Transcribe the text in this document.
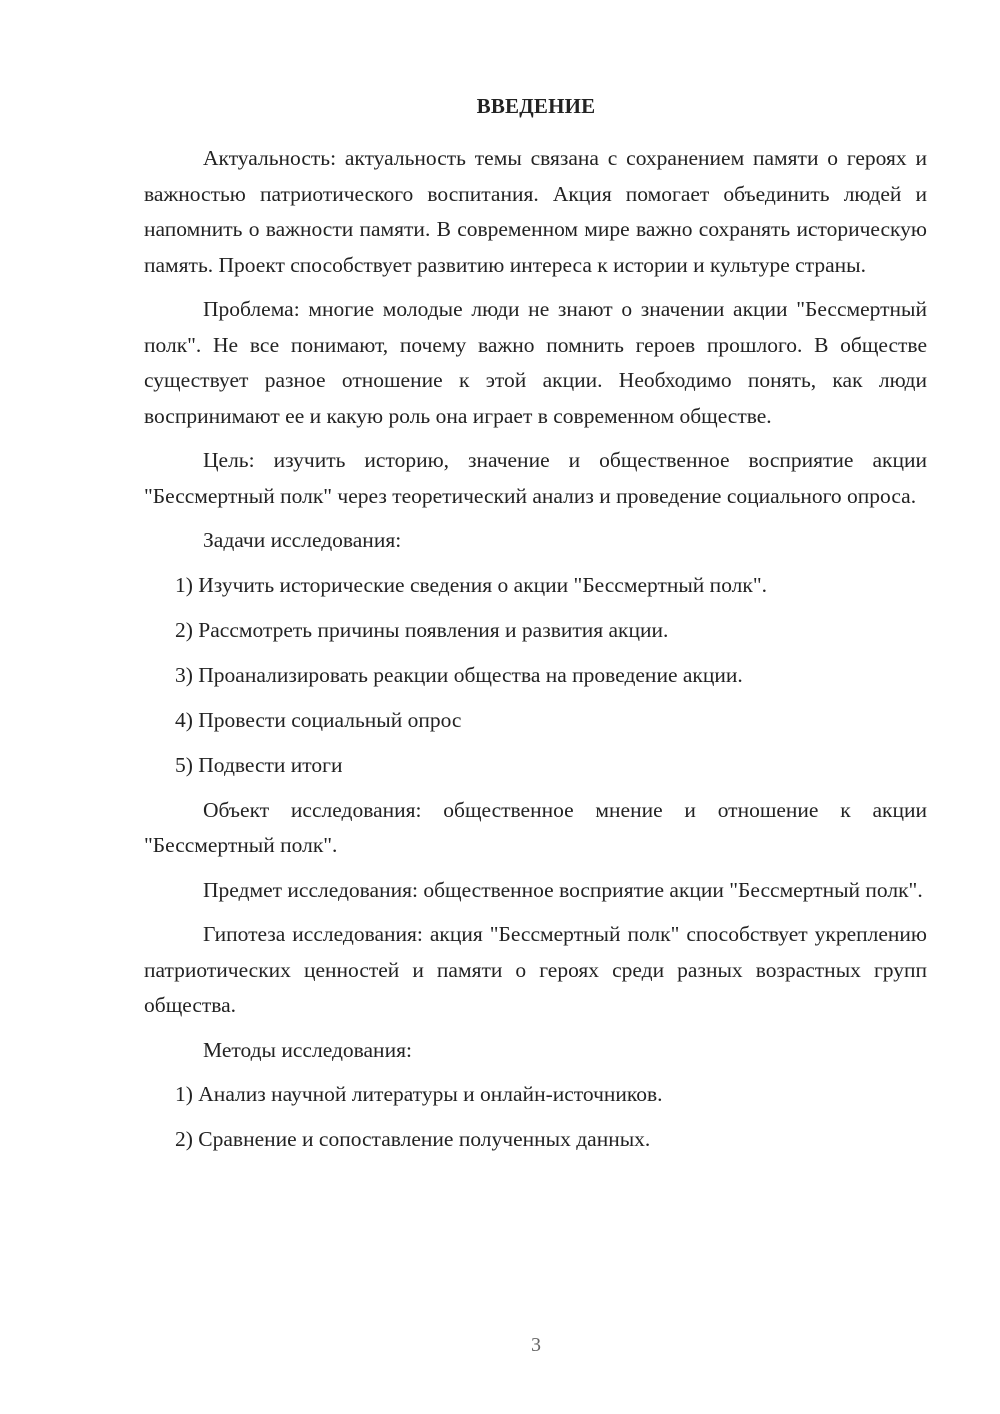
ВВЕДЕНИЕ

Актуальность: актуальность темы связана с сохранением памяти о героях и важностью патриотического воспитания. Акция помогает объединить людей и напомнить о важности памяти. В современном мире важно сохранять историческую память. Проект способствует развитию интереса к истории и культуре страны.

Проблема: многие молодые люди не знают о значении акции "Бессмертный полк". Не все понимают, почему важно помнить героев прошлого. В обществе существует разное отношение к этой акции. Необходимо понять, как люди воспринимают ее и какую роль она играет в современном обществе.

Цель: изучить историю, значение и общественное восприятие акции "Бессмертный полк" через теоретический анализ и проведение социального опроса.

Задачи исследования:

1) Изучить исторические сведения о акции "Бессмертный полк".
2) Рассмотреть причины появления и развития акции.
3) Проанализировать реакции общества на проведение акции.
4) Провести социальный опрос
5) Подвести итоги

Объект исследования: общественное мнение и отношение к акции "Бессмертный полк".

Предмет исследования: общественное восприятие акции "Бессмертный полк".

Гипотеза исследования: акция "Бессмертный полк" способствует укреплению патриотических ценностей и памяти о героях среди разных возрастных групп общества.

Методы исследования:

1) Анализ научной литературы и онлайн-источников.
2) Сравнение и сопоставление полученных данных.
3
